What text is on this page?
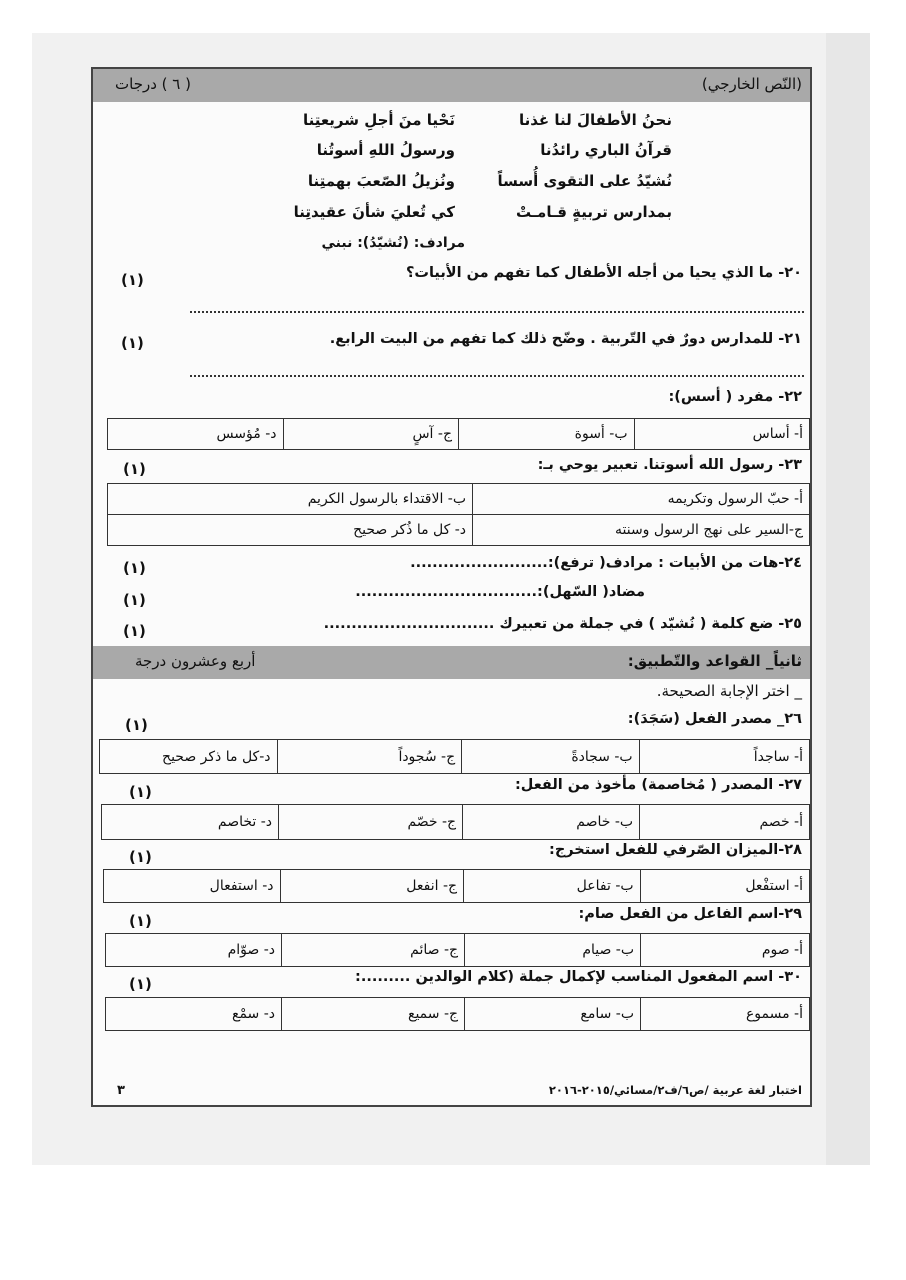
(النّص الخارجي)
( ٦ ) درجات
نحنُ الأطفالَ لنا غذنا
نَحْيا منَ أجلِ شريعتِنا
قرآنُ الباري رائدُنا
ورسولُ اللهِ أسوتُنا
نُشيّدُ على التقوى أُسساً
ونُزيلُ الصّعبَ بهمتِنا
بمدارس تربيةٍ قـامـتْ
كي تُعليَ شأنَ عقيدتِنا
مرادف: (نُشيّدُ): نبني
٢٠- ما الذي يحيا من أجله الأطفال كما تفهم من الأبيات؟
(١)
٢١- للمدارس دورٌ في التّربية . وضّح ذلك كما تفهم من البيت الرابع.
(١)
٢٢- مفرد ( أسس):
أ- أساس	ب- أسوة	ج- آسٍ	د- مُؤسس
٢٣- رسول الله أسوتنا. تعبير يوحي بـ:
(١)
أ- حبّ الرسول وتكريمه	ب- الاقتداء بالرسول الكريم
ج-السير على نهج الرسول وسنته	د- كل ما ذُكر صحيح
٢٤-هات من الأبيات : مرادف( ترفع):.........................
(١)
مضاد( السّهل):.................................
(١)
٢٥- ضع كلمة ( نُشيّد ) في جملة من تعبيرك ...............................
(١)
ثانياً_ القواعد والتّطبيق:
أربع وعشرون درجة
_ اختر الإجابة الصحيحة.
٢٦_ مصدر الفعل (سَجَدَ):
(١)
أ- ساجداً	ب- سجادةً	ج- سُجوداً	د-كل ما ذكر صحيح
٢٧- المصدر ( مُخاصمة) مأخوذ من الفعل:
(١)
أ- خصم	ب- خاصم	ج- خصّم	د- تخاصم
٢٨-الميزان الصّرفي للفعل استخرج:
(١)
أ- استفْعل	ب- تفاعل	ج- انفعل	د- استفعال
٢٩-اسم الفاعل من الفعل صام:
(١)
أ- صوم	ب- صيام	ج- صائم	د- صوّام
٣٠- اسم المفعول المناسب لإكمال جملة (كلام الوالدين .........:
(١)
أ- مسموع	ب- سامع	ج- سميع	د- سمْع
اختبار لغة عربية /ص٦/ف٢/مسائي/٢٠١٥-٢٠١٦
٣
